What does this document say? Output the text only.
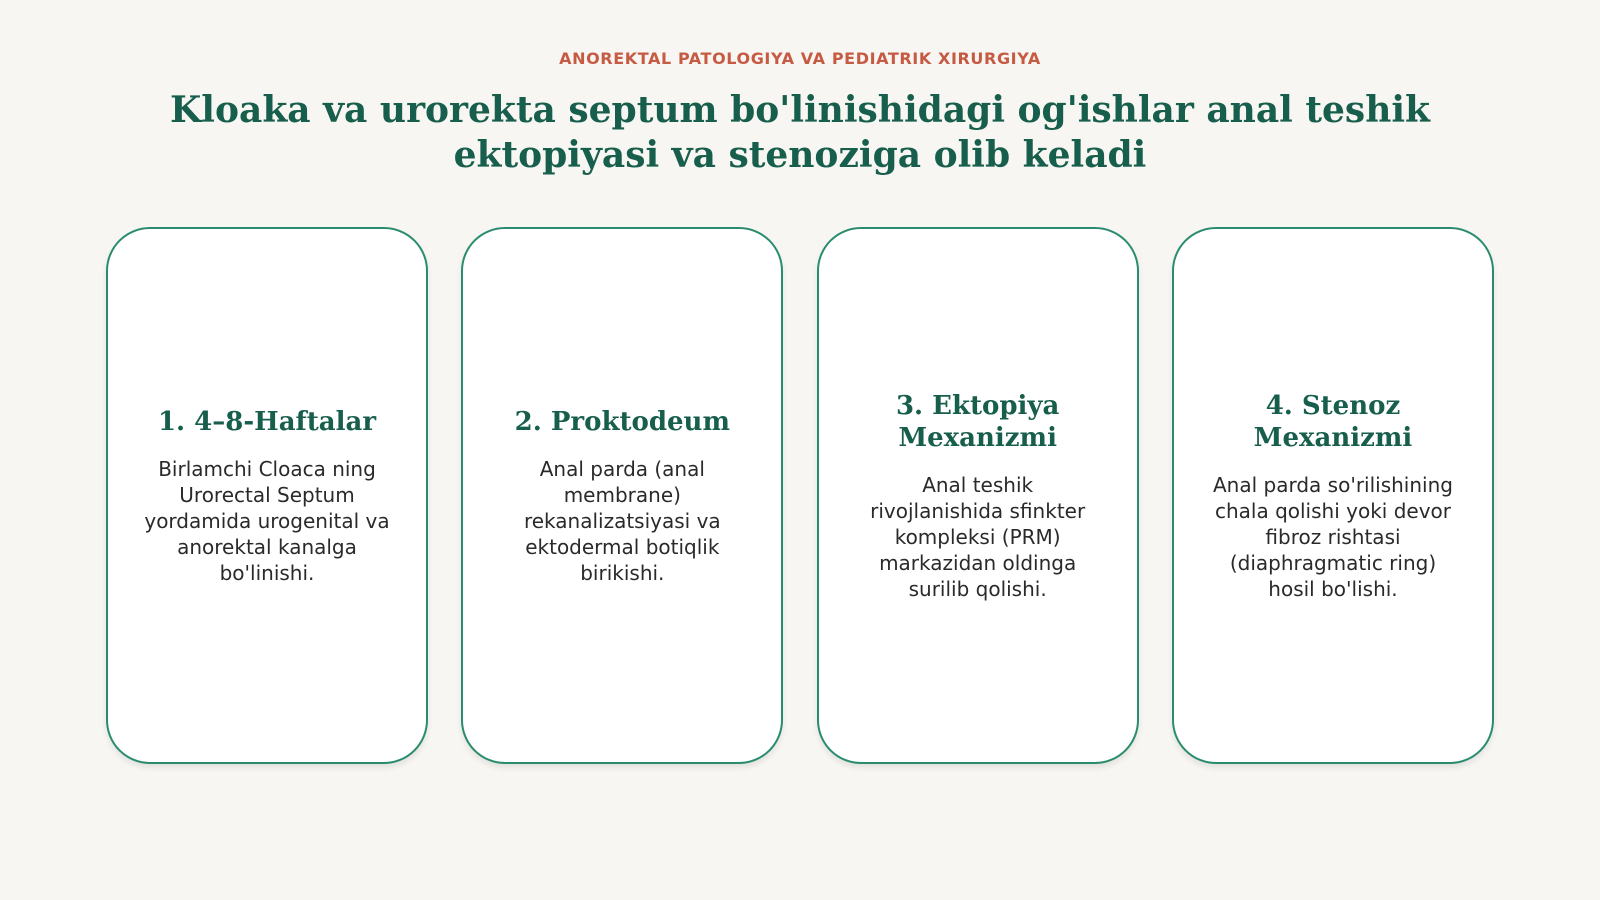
ANOREKTAL PATOLOGIYA VA PEDIATRIK XIRURGIYA
Kloaka va urorekta septum bo'linishidagi og'ishlar anal teshik ektopiyasi va stenoziga olib keladi
1. 4–8-Haftalar

Birlamchi Cloaca ning Urorectal Septum yordamida urogenital va anorektal kanalga bo'linishi.

2. Proktodeum

Anal parda (anal membrane) rekanalizatsiyasi va ektodermal botiqlik birikishi.

3. Ektopiya Mexanizmi

Anal teshik rivojlanishida sfinkter kompleksi (PRM) markazidan oldinga surilib qolishi.

4. Stenoz Mexanizmi

Anal parda so'rilishining chala qolishi yoki devor fibroz rishtasi (diaphragmatic ring) hosil bo'lishi.
